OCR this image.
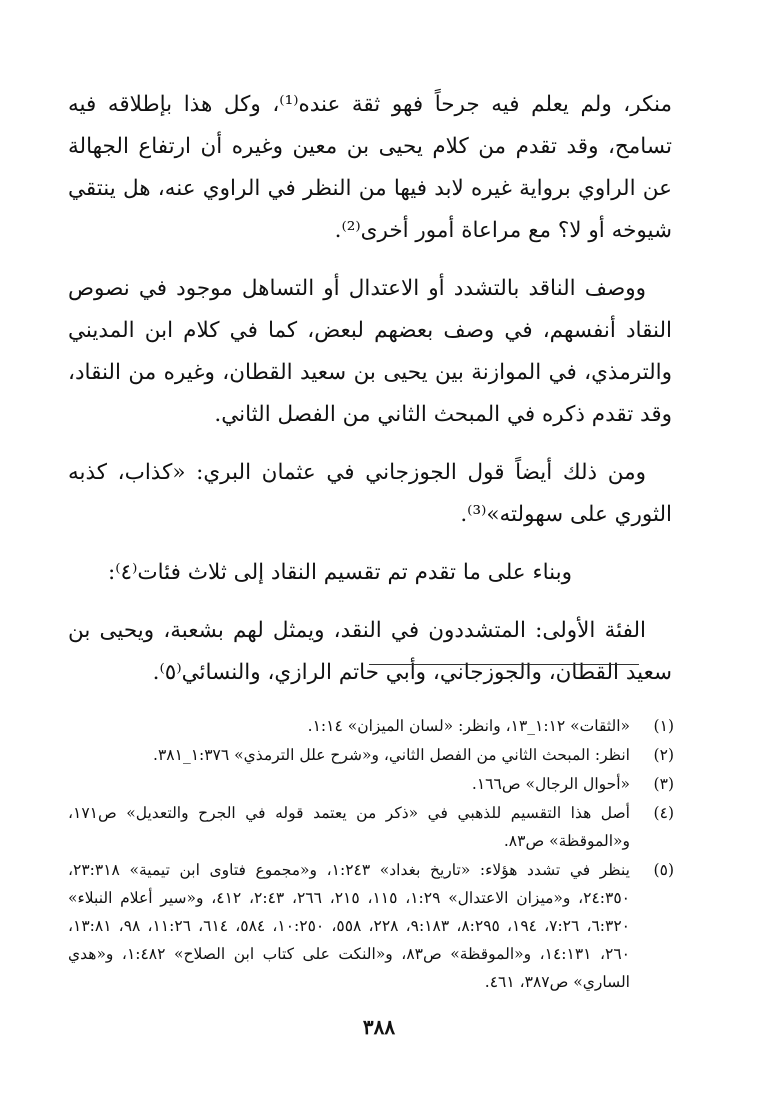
منكر، ولم يعلم فيه جرحاً فهو ثقة عنده⁽¹⁾، وكل هذا بإطلاقه فيه تسامح، وقد تقدم من كلام يحيى بن معين وغيره أن ارتفاع الجهالة عن الراوي برواية غيره لابد فيها من النظر في الراوي عنه، هل ينتقي شيوخه أو لا؟ مع مراعاة أمور أخرى⁽²⁾.

ووصف الناقد بالتشدد أو الاعتدال أو التساهل موجود في نصوص النقاد أنفسهم، في وصف بعضهم لبعض، كما في كلام ابن المديني والترمذي، في الموازنة بين يحيى بن سعيد القطان، وغيره من النقاد، وقد تقدم ذكره في المبحث الثاني من الفصل الثاني.

ومن ذلك أيضاً قول الجوزجاني في عثمان البري: «كذاب، كذبه الثوري على سهولته»⁽³⁾.

وبناء على ما تقدم تم تقسيم النقاد إلى ثلاث فئات⁽٤⁾:

الفئة الأولى: المتشددون في النقد، ويمثل لهم بشعبة، ويحيى بن سعيد القطان، والجوزجاني، وأبي حاتم الرازي، والنسائي⁽٥⁾.

(١)
«الثقات» ١:١٢_١٣، وانظر: «لسان الميزان» ١:١٤.
(٢)
انظر: المبحث الثاني من الفصل الثاني، و«شرح علل الترمذي» ١:٣٧٦_٣٨١.
(٣)
«أحوال الرجال» ص١٦٦.
(٤)
أصل هذا التقسيم للذهبي في «ذكر من يعتمد قوله في الجرح والتعديل» ص١٧١، و«الموقظة» ص٨٣.
(٥)
ينظر في تشدد هؤلاء: «تاريخ بغداد» ١:٢٤٣، و«مجموع فتاوى ابن تيمية» ٢٣:٣١٨، ٢٤:٣٥٠، و«ميزان الاعتدال» ١:٢٩، ١١٥، ٢١٥، ٢٦٦، ٢:٤٣، ٤١٢، و«سير أعلام النبلاء» ٦:٣٢٠، ٧:٢٦، ١٩٤، ٨:٢٩٥، ٩:١٨٣، ٢٢٨، ٥٥٨، ١٠:٢٥٠، ٥٨٤، ٦١٤، ١١:٢٦، ٩٨، ١٣:٨١، ٢٦٠، ١٤:١٣١، و«الموقظة» ص٨٣، و«النكت على كتاب ابن الصلاح» ١:٤٨٢، و«هدي الساري» ص٣٨٧، ٤٦١.
٣٨٨
